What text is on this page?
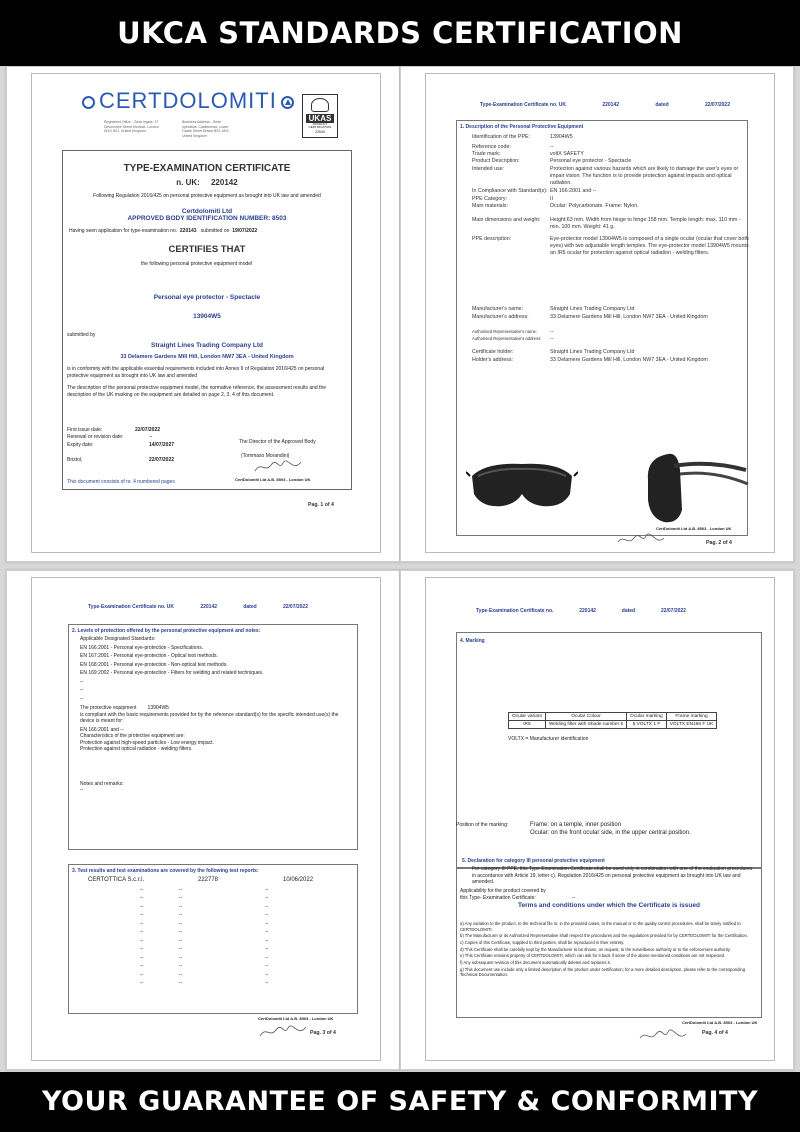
UKCA STANDARDS CERTIFICATION
CERTDOLOMITI
Registered Office - Sede legale: 37 Devonshire Street Medical, London W1G 8XJ, United Kingdom
Business Address - Sede operativa: Castlemead, Lower Castle Street Bristol BS1 3AG, United Kingdom
UKAS
PRODUCT CERTIFICATION
22649
TYPE-EXAMINATION CERTIFICATE
n. UK: 220142
Following Regulation 2016/425 on personal protective equipment as brought into UK law and amended
Certdolomiti Ltd
APPROVED BODY IDENTIFICATION NUMBER: 8503
Having seen application for type-examination no. 220143 submitted on 19/07/2022
CERTIFIES THAT
the following personal protective equipment model
Personal eye protector - Spectacle
13904W5
submitted by
Straight Lines Trading Company Ltd
33 Delamere Gardens Mill Hill, London NW7 3EA - United Kingdom
is in conformity with the applicable essential requirements included into Annex II of Regulation 2016/425 on personal protective equipment as brought into UK law and amended
The description of the personal protective equipment model, the normative reference, the assessment results and the description of the UK marking on the equipment are detailed on page 2, 3, 4 of this document.
First issue date:	22/07/2022
Renewal or revision date:	--
Expiry date:	14/07/2027
Bristol,	22/07/2022
The Director of the Approved Body
(Tommaso Morandini)
This document consists of nr. 4 numbered pages	CertDolomiti Ltd A.B. 8503 - London UK
Pag. 1 of 4
Type-Examination Certificate no. UK	220142	dated	22/07/2022
1. Description of the Personal Protective Equipment
Identification of the PPE:	13904W5
Reference code:	--
Trade mark:	voltX SAFETY
Product Description:	Personal eye protector - Spectacle
Intended use:	Protection against various hazards which are likely to damage the user's eyes or impair vision. The function is to provide protection against impacts and optical radiation.
In Compliance with Standard(s): EN 166:2001 and --
PPE Category:	II
Main materials:	Ocular: Polycarbonate. Frame: Nylon.
Main dimensions and weight:	Height:63 mm. Width from hinge to hinge:158 mm. Temple length: max. 110 mm - min. 100 mm. Weight: 41 g.
PPE description:	Eye-protector model 13904W5 is composed of a single ocular (ocular that cover both eyes) with two adjustable length temples. The eye-protector model 13904W5 mounts an IR5 ocular for protection against optical radiation - welding filters.
Manufacturer's name:	Straight Lines Trading Company Ltd
Manufacturer's address:	33 Delamere Gardens Mill Hill, London NW7 3EA - United Kingdom
Authorised Representative's name:	--
Authorised Representative's address:	--
Certificate holder:	Straight Lines Trading Company Ltd
Holder's address:	33 Delamere Gardens Mill Hill, London NW7 3EA - United Kingdom
CertDolomiti Ltd A.B. 8503 - London UK
Pag. 2 of 4
Type-Examination Certificate no. UK	220142	dated	22/07/2022
2. Levels of protection offered by the personal protective equipment and notes:
Applicable Designated Standards:
EN 166:2001 - Personal eye-protection - Specifications.
EN 167:2001 - Personal eye-protection - Optical test methods.
EN 168:2001 - Personal eye-protection - Non-optical test methods.
EN 169:2002 - Personal eye-protection - Filters for welding and related techniques.
--
--
--
The protective equipment 13904W5
is compliant with the basic requirements provided for by the reference standard(s) for the specific intended use(s) the device is meant for:
EN 166:2001 and --
Characteristics of the protective equipment are:
Protection against high-speed particles - Low energy impact.
Protection against optical radiation - welding filters.
Notes and remarks:
--
3. Test results and test examinations are covered by the following test reports:
CERTOTTICA S.c.r.l.	222778	10/06/2022
--	--	--
--	--	--
--	--	--
--	--	--
--	--	--
--	--	--
--	--	--
--	--	--
--	--	--
--	--	--
--	--	--
--	--	--
CertDolomiti Ltd A.B. 8503 - London UK
Pag. 3 of 4
Type-Examination Certificate no.	220142	dated	22/07/2022
4. Marking
Ocular variant	Ocular Colour	Ocular marking	Frame marking
IR5	Welding filter with Shade number 5	5 VOLTX 1 F	VOLTX EN166 F UK
VOLTX = Manufacturer identification
Position of the marking:	Frame: on a temple, inner position
Ocular: on the front ocular side, in the upper central position.
5. Declaration for category III personal protective equipment
For category III PPE, this Type-Examination Certificate shall be used only in combination with one of the evaluation procedures in accordance with Article 19, letter c), Regulation 2016/425 on personal protective equipment as brought into UK law and amended.
Applicability for the product covered by
this Type- Examination Certificate:	--
Terms and conditions under which the Certificate is issued
a) Any variation to the product, to the technical file or, in the provided cases, to the manual or to the quality control procedures, shall be timely notified to CERTDOLOMITI.
b) The Manufacturer or its Authorized Representative shall respect the procedures and the regulations provided for by CERTDOLOMITI for the Certification.
c) Copies of this Certificate, supplied to third parties, shall be reproduced in their entirety.
d) This Certificate shall be carefully kept by the Manufacturer to be shown, on request, to the surveillance authority or to the enforcement authority.
e) This Certificate remains property of CERTDOLOMITI, which can ask for it back if some of the above mentioned conditions are not respected.
f) Any subsequent revision of this document automatically deletes and replaces it.
g) This document use include only a limited description of the product under certification; for a more detailed description, please refer to the corresponding Technical Documentation.
CertDolomiti Ltd A.B. 8503 - London UK
Pag. 4 of 4
YOUR GUARANTEE OF SAFETY & CONFORMITY
